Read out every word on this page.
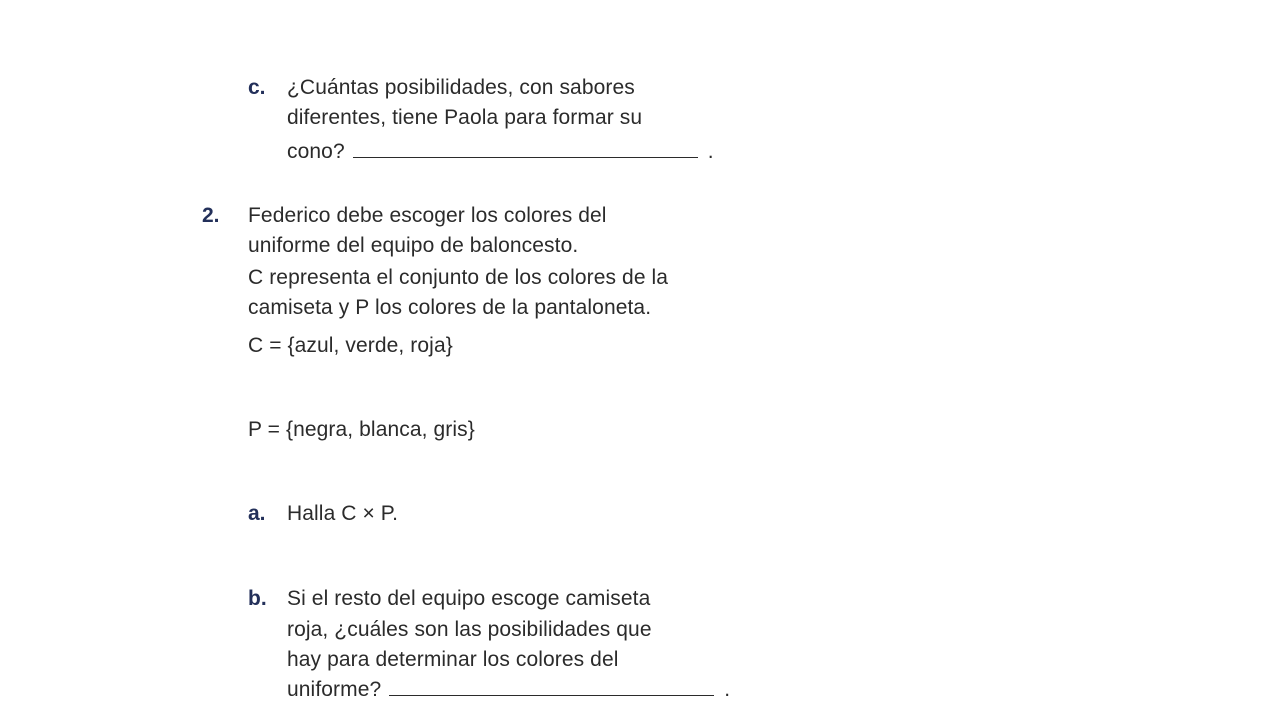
c. ¿Cuántas posibilidades, con sabores
diferentes, tiene Paola para formar su
cono?	.
2. Federico debe escoger los colores del
uniforme del equipo de baloncesto.
C representa el conjunto de los colores de la
camiseta y P los colores de la pantaloneta.
C = {azul, verde, roja}
P = {negra, blanca, gris}
a. Halla C × P.
b. Si el resto del equipo escoge camiseta
roja, ¿cuáles son las posibilidades que
hay para determinar los colores del
uniforme?	.
